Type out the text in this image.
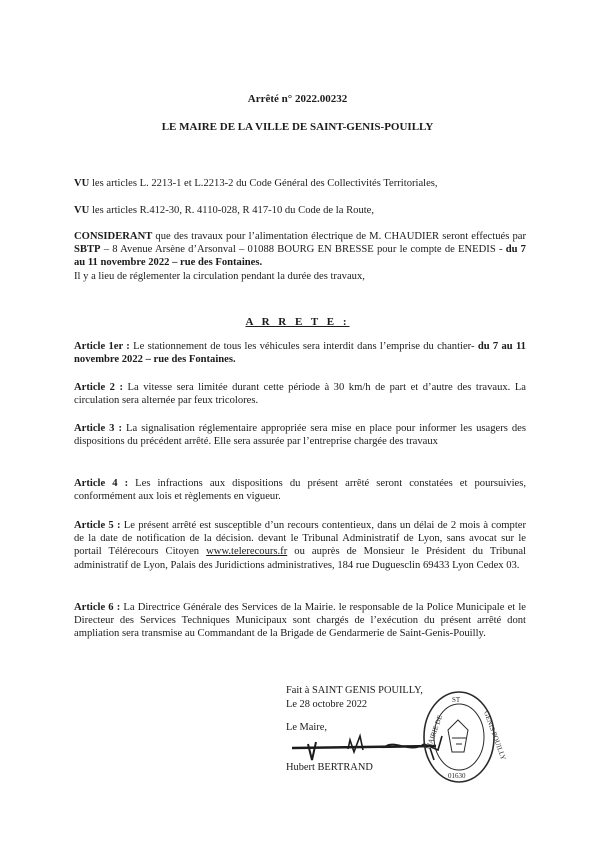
Arrêté n° 2022.00232
LE MAIRE DE LA VILLE DE SAINT-GENIS-POUILLY
VU les articles L. 2213-1 et L.2213-2 du Code Général des Collectivités Territoriales,
VU les articles R.412-30, R. 4110-028, R 417-10 du Code de la Route,
CONSIDERANT que des travaux pour l’alimentation électrique de M. CHAUDIER seront effectués par SBTP – 8 Avenue Arsène d’Arsonval – 01088 BOURG EN BRESSE pour le compte de ENEDIS - du 7 au 11 novembre 2022 – rue des Fontaines.
Il y a lieu de réglementer la circulation pendant la durée des travaux,
A R R E T E :
Article 1er : Le stationnement de tous les véhicules sera interdit dans l’emprise du chantier- du 7 au 11 novembre 2022 – rue des Fontaines.
Article 2 : La vitesse sera limitée durant cette période à 30 km/h de part et d’autre des travaux. La circulation sera alternée par feux tricolores.
Article 3 : La signalisation réglementaire appropriée sera mise en place pour informer les usagers des dispositions du précédent arrêté. Elle sera assurée par l’entreprise chargée des travaux
Article 4 : Les infractions aux dispositions du présent arrêté seront constatées et poursuivies, conformément aux lois et règlements en vigueur.
Article 5 : Le présent arrêté est susceptible d’un recours contentieux, dans un délai de 2 mois à compter de la date de notification de la décision. devant le Tribunal Administratif de Lyon, sans avocat sur le portail Télérecours Citoyen www.telerecours.fr ou auprès de Monsieur le Président du Tribunal administratif de Lyon, Palais des Juridictions administratives, 184 rue Duguesclin 69433 Lyon Cedex 03.
Article 6 : La Directrice Générale des Services de la Mairie. le responsable de la Police Municipale et le Directeur des Services Techniques Municipaux sont chargés de l’exécution du présent arrêté dont ampliation sera transmise au Commandant de la Brigade de Gendarmerie de Saint-Genis-Pouilly.
Fait à SAINT GENIS POUILLY,
Le 28 octobre 2022
Le Maire,
Hubert BERTRAND
MAIRIE DE
ST
GENIS POUILLY
01630
